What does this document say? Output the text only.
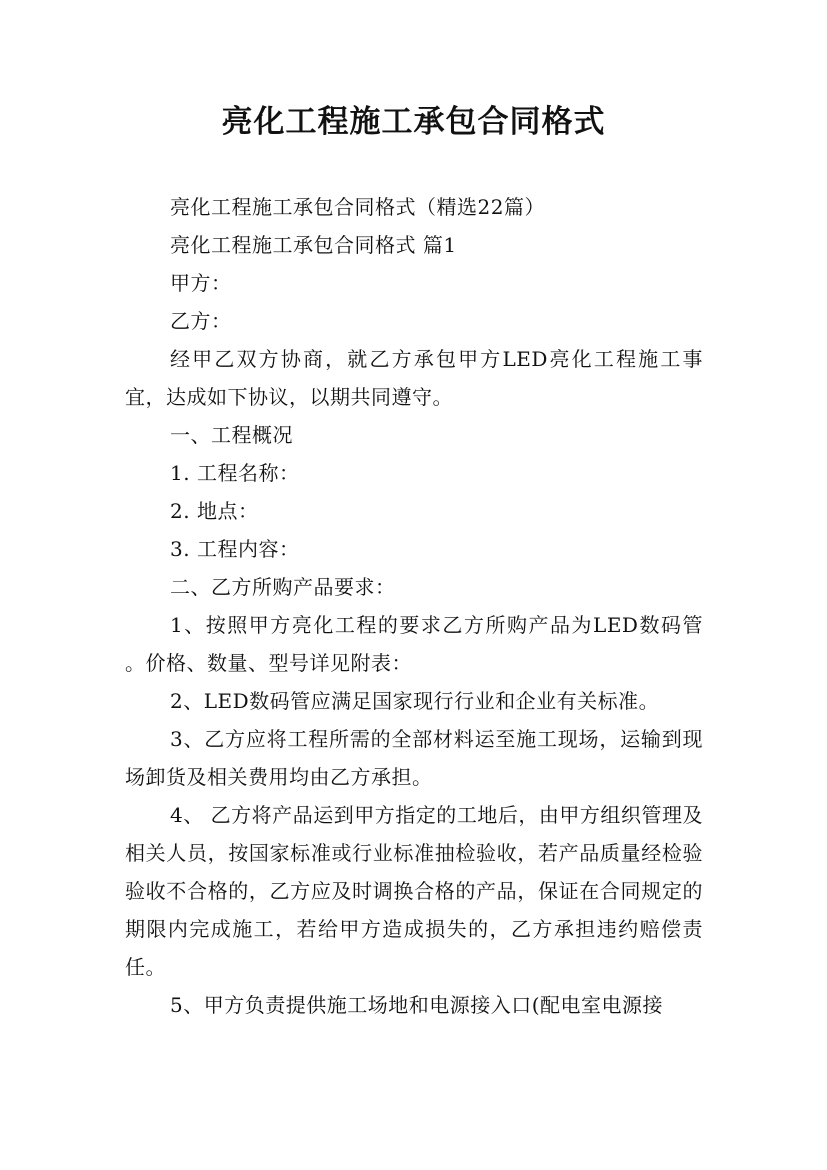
亮化工程施工承包合同格式

亮化工程施工承包合同格式（精选22篇）

亮化工程施工承包合同格式 篇1

甲方：

乙方：

经甲乙双方协商，就乙方承包甲方LED亮化工程施工事宜，达成如下协议，以期共同遵守。

一、工程概况

1. 工程名称：

2. 地点：

3. 工程内容：

二、乙方所购产品要求：

1、按照甲方亮化工程的要求乙方所购产品为LED数码管 。价格、数量、型号详见附表：

2、LED数码管应满足国家现行行业和企业有关标准。

3、乙方应将工程所需的全部材料运至施工现场，运输到现场卸货及相关费用均由乙方承担。

4、 乙方将产品运到甲方指定的工地后，由甲方组织管理及相关人员，按国家标准或行业标准抽检验收，若产品质量经检验验收不合格的，乙方应及时调换合格的产品，保证在合同规定的期限内完成施工，若给甲方造成损失的，乙方承担违约赔偿责任。

5、甲方负责提供施工场地和电源接入口(配电室电源接
